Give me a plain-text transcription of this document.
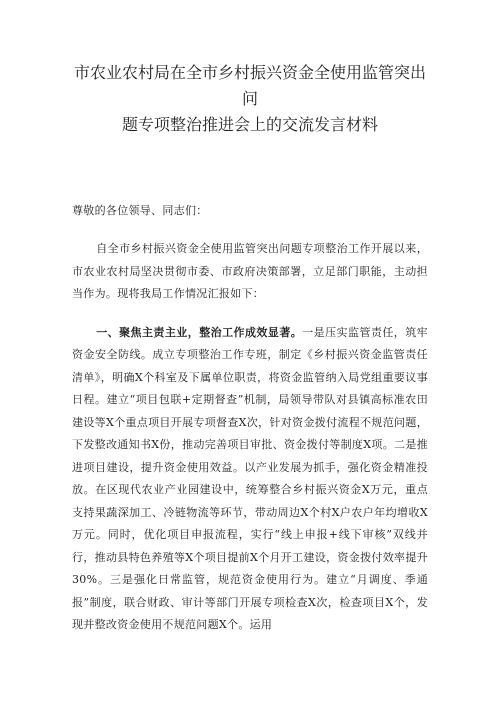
市农业农村局在全市乡村振兴资金全使用监管突出问
题专项整治推进会上的交流发言材料

尊敬的各位领导、同志们：

自全市乡村振兴资金全使用监管突出问题专项整治工作开展以来，市农业农村局坚决贯彻市委、市政府决策部署，立足部门职能，主动担当作为。现将我局工作情况汇报如下：

一、聚焦主责主业，整治工作成效显著。一是压实监管责任，筑牢资金安全防线。成立专项整治工作专班，制定《乡村振兴资金监管责任清单》，明确X个科室及下属单位职责，将资金监管纳入局党组重要议事日程。建立“项目包联+定期督查”机制，局领导带队对县镇高标准农田建设等X个重点项目开展专项督查X次，针对资金拨付流程不规范问题，下发整改通知书X份，推动完善项目审批、资金拨付等制度X项。二是推进项目建设，提升资金使用效益。以产业发展为抓手，强化资金精准投放。在区现代农业产业园建设中，统筹整合乡村振兴资金X万元，重点支持果蔬深加工、冷链物流等环节，带动周边X个村X户农户年均增收X万元。同时，优化项目申报流程，实行“线上申报+线下审核”双线并行，推动县特色养殖等X个项目提前X个月开工建设，资金拨付效率提升30%。三是强化日常监管，规范资金使用行为。建立“月调度、季通报”制度，联合财政、审计等部门开展专项检查X次，检查项目X个，发现并整改资金使用不规范问题X个。运用
